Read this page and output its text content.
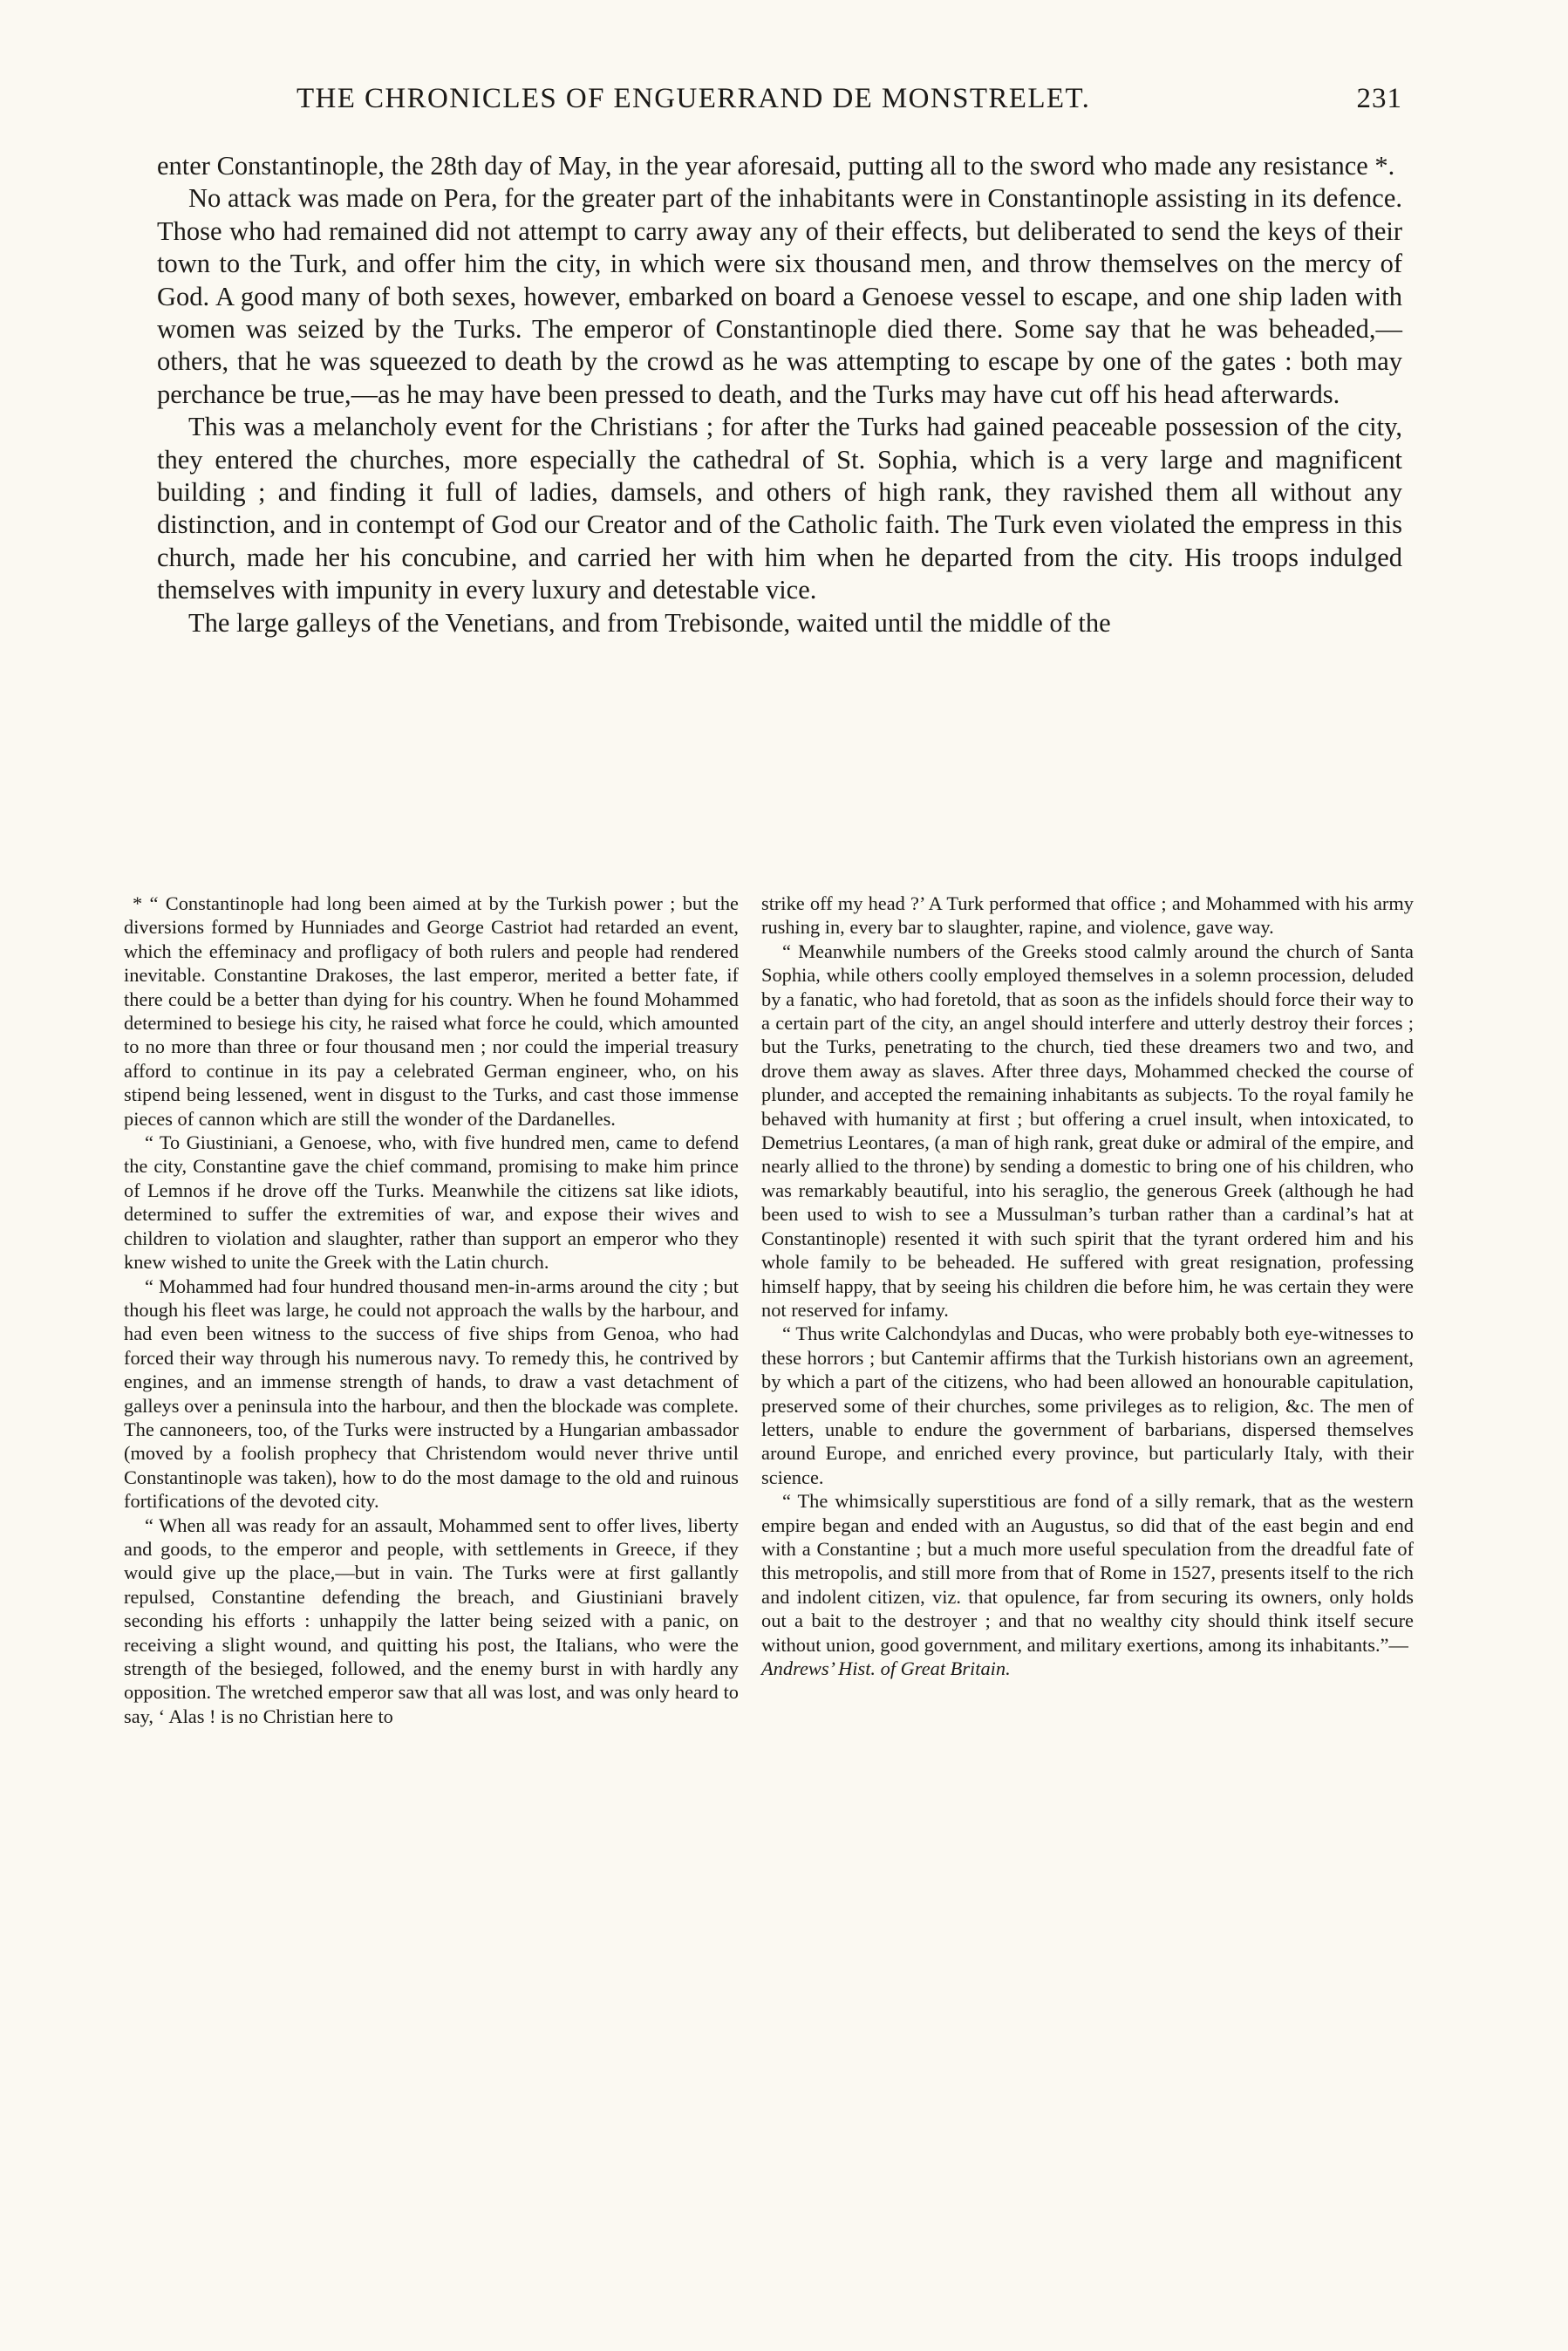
THE CHRONICLES OF ENGUERRAND DE MONSTRELET.	231

enter Constantinople, the 28th day of May, in the year aforesaid, putting all to the sword who made any resistance *.

No attack was made on Pera, for the greater part of the inhabitants were in Constantinople assisting in its defence. Those who had remained did not attempt to carry away any of their effects, but deliberated to send the keys of their town to the Turk, and offer him the city, in which were six thousand men, and throw themselves on the mercy of God. A good many of both sexes, however, embarked on board a Genoese vessel to escape, and one ship laden with women was seized by the Turks. The emperor of Constantinople died there. Some say that he was beheaded,—others, that he was squeezed to death by the crowd as he was attempting to escape by one of the gates : both may perchance be true,—as he may have been pressed to death, and the Turks may have cut off his head afterwards.

This was a melancholy event for the Christians ; for after the Turks had gained peaceable possession of the city, they entered the churches, more especially the cathedral of St. Sophia, which is a very large and magnificent building ; and finding it full of ladies, damsels, and others of high rank, they ravished them all without any distinction, and in contempt of God our Creator and of the Catholic faith. The Turk even violated the empress in this church, made her his concubine, and carried her with him when he departed from the city. His troops indulged themselves with impunity in every luxury and detestable vice.

The large galleys of the Venetians, and from Trebisonde, waited until the middle of the

* “ Constantinople had long been aimed at by the Turkish power ; but the diversions formed by Hunniades and George Castriot had retarded an event, which the effeminacy and profligacy of both rulers and people had rendered inevitable. Constantine Drakoses, the last emperor, merited a better fate, if there could be a better than dying for his country. When he found Mohammed determined to besiege his city, he raised what force he could, which amounted to no more than three or four thousand men ; nor could the imperial treasury afford to continue in its pay a celebrated German engineer, who, on his stipend being lessened, went in disgust to the Turks, and cast those immense pieces of cannon which are still the wonder of the Dardanelles.

“ To Giustiniani, a Genoese, who, with five hundred men, came to defend the city, Constantine gave the chief command, promising to make him prince of Lemnos if he drove off the Turks. Meanwhile the citizens sat like idiots, determined to suffer the extremities of war, and expose their wives and children to violation and slaughter, rather than support an emperor who they knew wished to unite the Greek with the Latin church.

“ Mohammed had four hundred thousand men-in-arms around the city ; but though his fleet was large, he could not approach the walls by the harbour, and had even been witness to the success of five ships from Genoa, who had forced their way through his numerous navy. To remedy this, he contrived by engines, and an immense strength of hands, to draw a vast detachment of galleys over a peninsula into the harbour, and then the blockade was complete. The cannoneers, too, of the Turks were instructed by a Hungarian ambassador (moved by a foolish prophecy that Christendom would never thrive until Constantinople was taken), how to do the most damage to the old and ruinous fortifications of the devoted city.

“ When all was ready for an assault, Mohammed sent to offer lives, liberty and goods, to the emperor and people, with settlements in Greece, if they would give up the place,—but in vain. The Turks were at first gallantly repulsed, Constantine defending the breach, and Giustiniani bravely seconding his efforts : unhappily the latter being seized with a panic, on receiving a slight wound, and quitting his post, the Italians, who were the strength of the besieged, followed, and the enemy burst in with hardly any opposition. The wretched emperor saw that all was lost, and was only heard to say, ‘ Alas ! is no Christian here to

strike off my head ?’ A Turk performed that office ; and Mohammed with his army rushing in, every bar to slaughter, rapine, and violence, gave way.

“ Meanwhile numbers of the Greeks stood calmly around the church of Santa Sophia, while others coolly employed themselves in a solemn procession, deluded by a fanatic, who had foretold, that as soon as the infidels should force their way to a certain part of the city, an angel should interfere and utterly destroy their forces ; but the Turks, penetrating to the church, tied these dreamers two and two, and drove them away as slaves. After three days, Mohammed checked the course of plunder, and accepted the remaining inhabitants as subjects. To the royal family he behaved with humanity at first ; but offering a cruel insult, when intoxicated, to Demetrius Leontares, (a man of high rank, great duke or admiral of the empire, and nearly allied to the throne) by sending a domestic to bring one of his children, who was remarkably beautiful, into his seraglio, the generous Greek (although he had been used to wish to see a Mussulman’s turban rather than a cardinal’s hat at Constantinople) resented it with such spirit that the tyrant ordered him and his whole family to be beheaded. He suffered with great resignation, professing himself happy, that by seeing his children die before him, he was certain they were not reserved for infamy.

“ Thus write Calchondylas and Ducas, who were probably both eye-witnesses to these horrors ; but Cantemir affirms that the Turkish historians own an agreement, by which a part of the citizens, who had been allowed an honourable capitulation, preserved some of their churches, some privileges as to religion, &c. The men of letters, unable to endure the government of barbarians, dispersed themselves around Europe, and enriched every province, but particularly Italy, with their science.

“ The whimsically superstitious are fond of a silly remark, that as the western empire began and ended with an Augustus, so did that of the east begin and end with a Constantine ; but a much more useful speculation from the dreadful fate of this metropolis, and still more from that of Rome in 1527, presents itself to the rich and indolent citizen, viz. that opulence, far from securing its owners, only holds out a bait to the destroyer ; and that no wealthy city should think itself secure without union, good government, and military exertions, among its inhabitants.”—

Andrews’ Hist. of Great Britain.
